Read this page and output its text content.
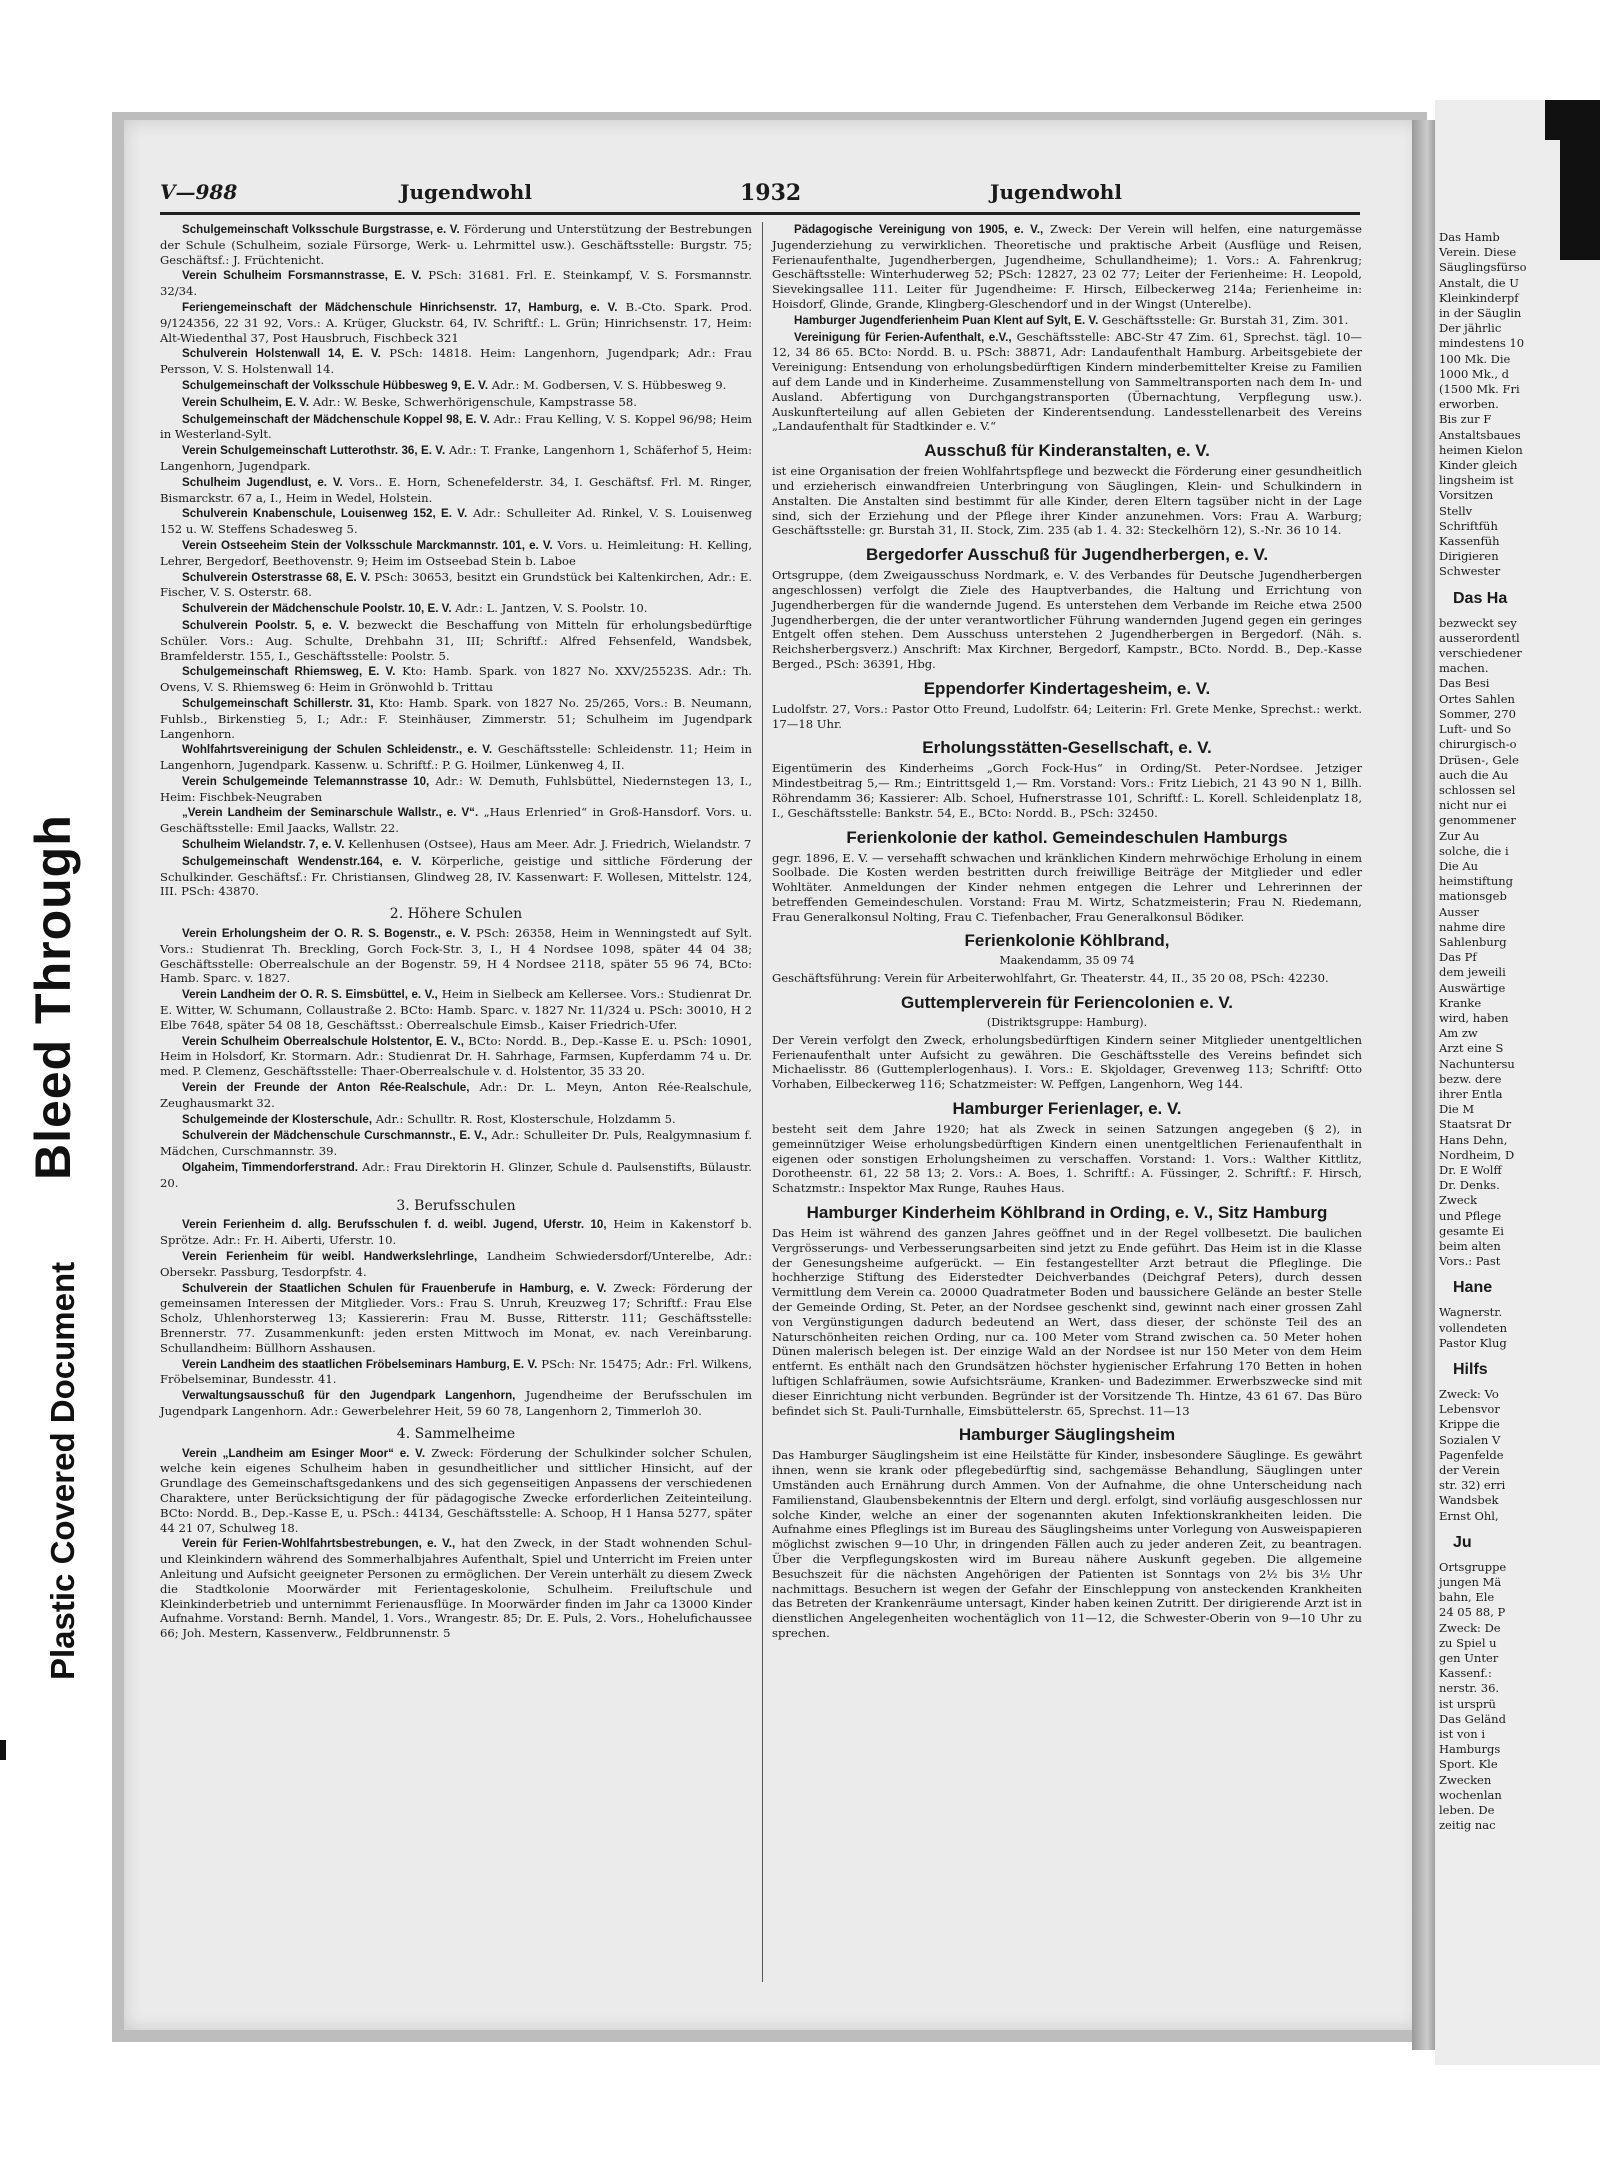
Bleed Through
Plastic Covered Document
Das Hamb
Verein. Diese
Säuglingsfürso
Anstalt, die U
Kleinkinderpf
in der Säuglin
Der jährlic
mindestens 10
100 Mk. Die
1000 Mk., d
(1500 Mk. Fri
erworben.
Bis zur F
Anstaltsbaues
heimen Kielon
Kinder gleich
lingsheim ist
Vorsitzen
Stellv
Schriftfüh
Kassenfüh
Dirigieren
Schwester
Das Ha
bezweckt sey
ausserordentl
verschiedener
machen.
Das Besi
Ortes Sahlen
Sommer, 270
Luft- und So
chirurgisch-o
Drüsen-, Gele
auch die Au
schlossen sel
nicht nur ei
genommener
Zur Au
solche, die i
Die Au
heimstiftung
mationsgeb
Ausser
nahme dire
Sahlenburg
Das Pf
dem jeweili
Auswärtige
Kranke
wird, haben
Am zw
Arzt eine S
Nachuntersu
bezw. dere
ihrer Entla
Die M
Staatsrat Dr
Hans Dehn,
Nordheim, D
Dr. E Wolff
Dr. Denks.
Zweck
und Pflege
gesamte Ei
beim alten
Vors.: Past
Hane
Wagnerstr.
vollendeten
Pastor Klug
Hilfs
Zweck: Vo
Lebensvor
Krippe die
Sozialen V
Pagenfelde
der Verein
str. 32) erri
Wandsbek
Ernst Ohl,
Ju
Ortsgruppe
jungen Mä
bahn, Ele
24 05 88, P
Zweck: De
zu Spiel u
gen Unter
Kassenf.:
nerstr. 36.
ist ursprü
Das Geländ
ist von i
Hamburgs
Sport. Kle
Zwecken
wochenlan
leben. De
zeitig nac
V—988	Jugendwohl	1932	Jugendwohl

Schulgemeinschaft Volksschule Burgstrasse, e. V. Förderung und Unterstützung der Bestrebungen der Schule (Schulheim, soziale Fürsorge, Werk- u. Lehrmittel usw.). Geschäftsstelle: Burgstr. 75; Geschäftsf.: J. Früchtenicht.

Verein Schulheim Forsmannstrasse, E. V. PSch: 31681. Frl. E. Steinkampf, V. S. Forsmannstr. 32/34.

Feriengemeinschaft der Mädchenschule Hinrichsenstr. 17, Hamburg, e. V. B.-Cto. Spark. Prod. 9/124356, 22 31 92, Vors.: A. Krüger, Gluckstr. 64, IV. Schriftf.: L. Grün; Hinrichsenstr. 17, Heim: Alt-Wiedenthal 37, Post Hausbruch, Fischbeck 321

Schulverein Holstenwall 14, E. V. PSch: 14818. Heim: Langenhorn, Jugendpark; Adr.: Frau Persson, V. S. Holstenwall 14.

Schulgemeinschaft der Volksschule Hübbesweg 9, E. V. Adr.: M. Godbersen, V. S. Hübbesweg 9.

Verein Schulheim, E. V. Adr.: W. Beske, Schwerhörigenschule, Kampstrasse 58.

Schulgemeinschaft der Mädchenschule Koppel 98, E. V. Adr.: Frau Kelling, V. S. Koppel 96/98; Heim in Westerland-Sylt.

Verein Schulgemeinschaft Lutterothstr. 36, E. V. Adr.: T. Franke, Langenhorn 1, Schäferhof 5, Heim: Langenhorn, Jugendpark.

Schulheim Jugendlust, e. V. Vors.. E. Horn, Schenefelderstr. 34, I. Geschäftsf. Frl. M. Ringer, Bismarckstr. 67 a, I., Heim in Wedel, Holstein.

Schulverein Knabenschule, Louisenweg 152, E. V. Adr.: Schulleiter Ad. Rinkel, V. S. Louisenweg 152 u. W. Steffens Schadesweg 5.

Verein Ostseeheim Stein der Volksschule Marckmannstr. 101, e. V. Vors. u. Heimleitung: H. Kelling, Lehrer, Bergedorf, Beethovenstr. 9; Heim im Ostseebad Stein b. Laboe

Schulverein Osterstrasse 68, E. V. PSch: 30653, besitzt ein Grundstück bei Kaltenkirchen, Adr.: E. Fischer, V. S. Osterstr. 68.

Schulverein der Mädchenschule Poolstr. 10, E. V. Adr.: L. Jantzen, V. S. Poolstr. 10.

Schulverein Poolstr. 5, e. V. bezweckt die Beschaffung von Mitteln für erholungsbedürftige Schüler. Vors.: Aug. Schulte, Drehbahn 31, III; Schriftf.: Alfred Fehsenfeld, Wandsbek, Bramfelderstr. 155, I., Geschäftsstelle: Poolstr. 5.

Schulgemeinschaft Rhiemsweg, E. V. Kto: Hamb. Spark. von 1827 No. XXV/25523S. Adr.: Th. Ovens, V. S. Rhiemsweg 6: Heim in Grönwohld b. Trittau

Schulgemeinschaft Schillerstr. 31, Kto: Hamb. Spark. von 1827 No. 25/265, Vors.: B. Neumann, Fuhlsb., Birkenstieg 5, I.; Adr.: F. Steinhäuser, Zimmerstr. 51; Schulheim im Jugendpark Langenhorn.

Wohlfahrtsvereinigung der Schulen Schleidenstr., e. V. Geschäftsstelle: Schleidenstr. 11; Heim in Langenhorn, Jugendpark. Kassenw. u. Schriftf.: P. G. Hoilmer, Lünkenweg 4, II.

Verein Schulgemeinde Telemannstrasse 10, Adr.: W. Demuth, Fuhlsbüttel, Niedernstegen 13, I., Heim: Fischbek-Neugraben

„Verein Landheim der Seminarschule Wallstr., e. V“. „Haus Erlenried“ in Groß-Hansdorf. Vors. u. Geschäftsstelle: Emil Jaacks, Wallstr. 22.

Schulheim Wielandstr. 7, e. V. Kellenhusen (Ostsee), Haus am Meer. Adr. J. Friedrich, Wielandstr. 7

Schulgemeinschaft Wendenstr.164, e. V. Körperliche, geistige und sittliche Förderung der Schulkinder. Geschäftsf.: Fr. Christiansen, Glindweg 28, IV. Kassenwart: F. Wollesen, Mittelstr. 124, III. PSch: 43870.

2. Höhere Schulen

Verein Erholungsheim der O. R. S. Bogenstr., e. V. PSch: 26358, Heim in Wenningstedt auf Sylt. Vors.: Studienrat Th. Breckling, Gorch Fock-Str. 3, I., H 4 Nordsee 1098, später 44 04 38; Geschäftsstelle: Oberrealschule an der Bogenstr. 59, H 4 Nordsee 2118, später 55 96 74, BCto: Hamb. Sparc. v. 1827.

Verein Landheim der O. R. S. Eimsbüttel, e. V., Heim in Sielbeck am Kellersee. Vors.: Studienrat Dr. E. Witter, W. Schumann, Collaustraße 2. BCto: Hamb. Sparc. v. 1827 Nr. 11/324 u. PSch: 30010, H 2 Elbe 7648, später 54 08 18, Geschäftsst.: Oberrealschule Eimsb., Kaiser Friedrich-Ufer.

Verein Schulheim Oberrealschule Holstentor, E. V., BCto: Nordd. B., Dep.-Kasse E. u. PSch: 10901, Heim in Holsdorf, Kr. Stormarn. Adr.: Studienrat Dr. H. Sahrhage, Farmsen, Kupferdamm 74 u. Dr. med. P. Clemenz, Geschäftsstelle: Thaer-Oberrealschule v. d. Holstentor, 35 33 20.

Verein der Freunde der Anton Rée-Realschule, Adr.: Dr. L. Meyn, Anton Rée-Realschule, Zeughausmarkt 32.

Schulgemeinde der Klosterschule, Adr.: Schulltr. R. Rost, Klosterschule, Holzdamm 5.

Schulverein der Mädchenschule Curschmannstr., E. V., Adr.: Schulleiter Dr. Puls, Realgymnasium f. Mädchen, Curschmannstr. 39.

Olgaheim, Timmendorferstrand. Adr.: Frau Direktorin H. Glinzer, Schule d. Paulsenstifts, Bülaustr. 20.

3. Berufsschulen

Verein Ferienheim d. allg. Berufsschulen f. d. weibl. Jugend, Uferstr. 10, Heim in Kakenstorf b. Sprötze. Adr.: Fr. H. Aiberti, Uferstr. 10.

Verein Ferienheim für weibl. Handwerkslehrlinge, Landheim Schwiedersdorf/Unterelbe, Adr.: Obersekr. Passburg, Tesdorpfstr. 4.

Schulverein der Staatlichen Schulen für Frauenberufe in Hamburg, e. V. Zweck: Förderung der gemeinsamen Interessen der Mitglieder. Vors.: Frau S. Unruh, Kreuzweg 17; Schriftf.: Frau Else Scholz, Uhlenhorsterweg 13; Kassiererin: Frau M. Busse, Ritterstr. 111; Geschäftsstelle: Brennerstr. 77. Zusammenkunft: jeden ersten Mittwoch im Monat, ev. nach Vereinbarung. Schullandheim: Büllhorn Asshausen.

Verein Landheim des staatlichen Fröbelseminars Hamburg, E. V. PSch: Nr. 15475; Adr.: Frl. Wilkens, Fröbelseminar, Bundesstr. 41.

Verwaltungsausschuß für den Jugendpark Langenhorn, Jugendheime der Berufsschulen im Jugendpark Langenhorn. Adr.: Gewerbelehrer Heit, 59 60 78, Langenhorn 2, Timmerloh 30.

4. Sammelheime

Verein „Landheim am Esinger Moor“ e. V. Zweck: Förderung der Schulkinder solcher Schulen, welche kein eigenes Schulheim haben in gesundheitlicher und sittlicher Hinsicht, auf der Grundlage des Gemeinschaftsgedankens und des sich gegenseitigen Anpassens der verschiedenen Charaktere, unter Berücksichtigung der für pädagogische Zwecke erforderlichen Zeiteinteilung. BCto: Nordd. B., Dep.-Kasse E, u. PSch.: 44134, Geschäftsstelle: A. Schoop, H 1 Hansa 5277, später 44 21 07, Schulweg 18.

Verein für Ferien-Wohlfahrtsbestrebungen, e. V., hat den Zweck, in der Stadt wohnenden Schul- und Kleinkindern während des Sommerhalbjahres Aufenthalt, Spiel und Unterricht im Freien unter Anleitung und Aufsicht geeigneter Personen zu ermöglichen. Der Verein unterhält zu diesem Zweck die Stadtkolonie Moorwärder mit Ferientageskolonie, Schulheim. Freiluftschule und Kleinkinderbetrieb und unternimmt Ferienausflüge. In Moorwärder finden im Jahr ca 13000 Kinder Aufnahme. Vorstand: Bernh. Mandel, 1. Vors., Wrangestr. 85; Dr. E. Puls, 2. Vors., Hohelufichaussee 66; Joh. Mestern, Kassenverw., Feldbrunnenstr. 5

Pädagogische Vereinigung von 1905, e. V., Zweck: Der Verein will helfen, eine naturgemässe Jugenderziehung zu verwirklichen. Theoretische und praktische Arbeit (Ausflüge und Reisen, Ferienaufenthalte, Jugendherbergen, Jugendheime, Schullandheime); 1. Vors.: A. Fahrenkrug; Geschäftsstelle: Winterhuderweg 52; PSch: 12827, 23 02 77; Leiter der Ferienheime: H. Leopold, Sievekingsallee 111. Leiter für Jugendheime: F. Hirsch, Eilbeckerweg 214a; Ferienheime in: Hoisdorf, Glinde, Grande, Klingberg-Gleschendorf und in der Wingst (Unterelbe).

Hamburger Jugendferienheim Puan Klent auf Sylt, E. V. Geschäftsstelle: Gr. Burstah 31, Zim. 301.

Vereinigung für Ferien-Aufenthalt, e.V., Geschäftsstelle: ABC-Str 47 Zim. 61, Sprechst. tägl. 10—12, 34 86 65. BCto: Nordd. B. u. PSch: 38871, Adr: Landaufenthalt Hamburg. Arbeitsgebiete der Vereinigung: Entsendung von erholungsbedürftigen Kindern minderbemittelter Kreise zu Familien auf dem Lande und in Kinderheime. Zusammenstellung von Sammeltransporten nach dem In- und Ausland. Abfertigung von Durchgangstransporten (Übernachtung, Verpflegung usw.). Auskunfterteilung auf allen Gebieten der Kinderentsendung. Landesstellenarbeit des Vereins „Landaufenthalt für Stadtkinder e. V.“

Ausschuß für Kinderanstalten, e. V.

ist eine Organisation der freien Wohlfahrtspflege und bezweckt die Förderung einer gesundheitlich und erzieherisch einwandfreien Unterbringung von Säuglingen, Klein- und Schulkindern in Anstalten. Die Anstalten sind bestimmt für alle Kinder, deren Eltern tagsüber nicht in der Lage sind, sich der Erziehung und der Pflege ihrer Kinder anzunehmen. Vors: Frau A. Warburg; Geschäftsstelle: gr. Burstah 31, II. Stock, Zim. 235 (ab 1. 4. 32: Steckelhörn 12), S.-Nr. 36 10 14.

Bergedorfer Ausschuß für Jugendherbergen, e. V.

Ortsgruppe, (dem Zweigausschuss Nordmark, e. V. des Verbandes für Deutsche Jugendherbergen angeschlossen) verfolgt die Ziele des Hauptverbandes, die Haltung und Errichtung von Jugendherbergen für die wandernde Jugend. Es unterstehen dem Verbande im Reiche etwa 2500 Jugendherbergen, die der unter verantwortlicher Führung wandernden Jugend gegen ein geringes Entgelt offen stehen. Dem Ausschuss unterstehen 2 Jugendherbergen in Bergedorf. (Näh. s. Reichsherbergsverz.) Anschrift: Max Kirchner, Bergedorf, Kampstr., BCto. Nordd. B., Dep.-Kasse Berged., PSch: 36391, Hbg.

Eppendorfer Kindertagesheim, e. V.

Ludolfstr. 27, Vors.: Pastor Otto Freund, Ludolfstr. 64; Leiterin: Frl. Grete Menke, Sprechst.: werkt. 17—18 Uhr.

Erholungsstätten-Gesellschaft, e. V.

Eigentümerin des Kinderheims „Gorch Fock-Hus“ in Ording/St. Peter-Nordsee. Jetziger Mindestbeitrag 5,— Rm.; Eintrittsgeld 1,— Rm. Vorstand: Vors.: Fritz Liebich, 21 43 90 N 1, Billh. Röhrendamm 36; Kassierer: Alb. Schoel, Hufnerstrasse 101, Schriftf.: L. Korell. Schleidenplatz 18, I., Geschäftsstelle: Bankstr. 54, E., BCto: Nordd. B., PSch: 32450.

Ferienkolonie der kathol. Gemeindeschulen Hamburgs

gegr. 1896, E. V. — versehafft schwachen und kränklichen Kindern mehrwöchige Erholung in einem Soolbade. Die Kosten werden bestritten durch freiwillige Beiträge der Mitglieder und edler Wohltäter. Anmeldungen der Kinder nehmen entgegen die Lehrer und Lehrerinnen der betreffenden Gemeindeschulen. Vorstand: Frau M. Wirtz, Schatzmeisterin; Frau N. Riedemann, Frau Generalkonsul Nolting, Frau C. Tiefenbacher, Frau Generalkonsul Bödiker.

Ferienkolonie Köhlbrand,
Maakendamm, 35 09 74

Geschäftsführung: Verein für Arbeiterwohlfahrt, Gr. Theaterstr. 44, II., 35 20 08, PSch: 42230.

Guttemplerverein für Feriencolonien e. V.
(Distriktsgruppe: Hamburg).

Der Verein verfolgt den Zweck, erholungsbedürftigen Kindern seiner Mitglieder unentgeltlichen Ferienaufenthalt unter Aufsicht zu gewähren. Die Geschäftsstelle des Vereins befindet sich Michaelisstr. 86 (Guttemplerlogenhaus). I. Vors.: E. Skjoldager, Grevenweg 113; Schriftf: Otto Vorhaben, Eilbeckerweg 116; Schatzmeister: W. Peffgen, Langenhorn, Weg 144.

Hamburger Ferienlager, e. V.

besteht seit dem Jahre 1920; hat als Zweck in seinen Satzungen angegeben (§ 2), in gemeinnütziger Weise erholungsbedürftigen Kindern einen unentgeltlichen Ferienaufenthalt in eigenen oder sonstigen Erholungsheimen zu verschaffen. Vorstand: 1. Vors.: Walther Kittlitz, Dorotheenstr. 61, 22 58 13; 2. Vors.: A. Boes, 1. Schriftf.: A. Füssinger, 2. Schriftf.: F. Hirsch, Schatzmstr.: Inspektor Max Runge, Rauhes Haus.

Hamburger Kinderheim Köhlbrand in Ording, e. V., Sitz Hamburg

Das Heim ist während des ganzen Jahres geöffnet und in der Regel vollbesetzt. Die baulichen Vergrösserungs- und Verbesserungsarbeiten sind jetzt zu Ende geführt. Das Heim ist in die Klasse der Genesungsheime aufgerückt. — Ein festangestellter Arzt betraut die Pfleglinge. Die hochherzige Stiftung des Eiderstedter Deichverbandes (Deichgraf Peters), durch dessen Vermittlung dem Verein ca. 20000 Quadratmeter Boden und baussichere Gelände an bester Stelle der Gemeinde Ording, St. Peter, an der Nordsee geschenkt sind, gewinnt nach einer grossen Zahl von Vergünstigungen dadurch bedeutend an Wert, dass dieser, der schönste Teil des an Naturschönheiten reichen Ording, nur ca. 100 Meter vom Strand zwischen ca. 50 Meter hohen Dünen malerisch belegen ist. Der einzige Wald an der Nordsee ist nur 150 Meter von dem Heim entfernt. Es enthält nach den Grundsätzen höchster hygienischer Erfahrung 170 Betten in hohen luftigen Schlafräumen, sowie Aufsichtsräume, Kranken- und Badezimmer. Erwerbszwecke sind mit dieser Einrichtung nicht verbunden. Begründer ist der Vorsitzende Th. Hintze, 43 61 67. Das Büro befindet sich St. Pauli-Turnhalle, Eimsbüttelerstr. 65, Sprechst. 11—13

Hamburger Säuglingsheim

Das Hamburger Säuglingsheim ist eine Heilstätte für Kinder, insbesondere Säuglinge. Es gewährt ihnen, wenn sie krank oder pflegebedürftig sind, sachgemässe Behandlung, Säuglingen unter Umständen auch Ernährung durch Ammen. Von der Aufnahme, die ohne Unterscheidung nach Familienstand, Glaubensbekenntnis der Eltern und dergl. erfolgt, sind vorläufig ausgeschlossen nur solche Kinder, welche an einer der sogenannten akuten Infektionskrankheiten leiden. Die Aufnahme eines Pfleglings ist im Bureau des Säuglingsheims unter Vorlegung von Ausweispapieren möglichst zwischen 9—10 Uhr, in dringenden Fällen auch zu jeder anderen Zeit, zu beantragen. Über die Verpflegungskosten wird im Bureau nähere Auskunft gegeben. Die allgemeine Besuchszeit für die nächsten Angehörigen der Patienten ist Sonntags von 2½ bis 3½ Uhr nachmittags. Besuchern ist wegen der Gefahr der Einschleppung von ansteckenden Krankheiten das Betreten der Krankenräume untersagt, Kinder haben keinen Zutritt. Der dirigierende Arzt ist in dienstlichen Angelegenheiten wochentäglich von 11—12, die Schwester-Oberin von 9—10 Uhr zu sprechen.
